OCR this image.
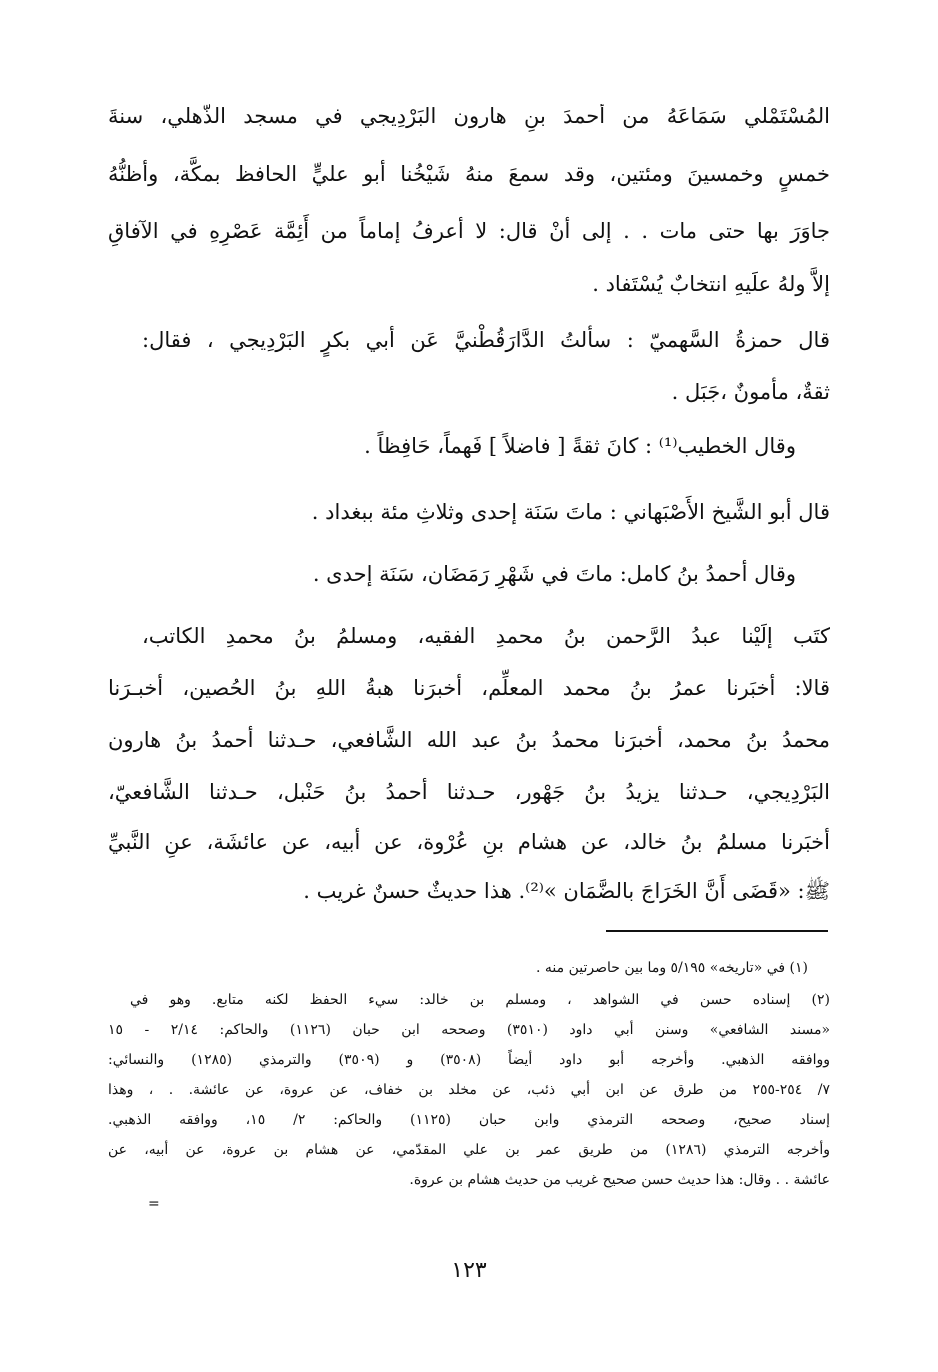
المُسْتَمْلي سَمَاعَهُ من أحمدَ بنِ هارون البَرْدِيجي في مسجد الذُّهلي، سنةَ
خمسٍ وخمسينَ ومئتين، وقد سمعَ منهُ شَيْخُنا أبو عليٍّ الحافظ بمكَّة، وأظنُّهُ
جاوَرَ بها حتى مات . . إلى أنْ قال: لا أعرفُ إماماً من أَئِمَّة عَصْرِهِ في الآفاقِ
إلاَّ ولهُ علَيهِ انتخابٌ يُسْتَفاد .
قال حمزةُ السَّهميّ : سألتُ الدَّارَقُطْنيَّ عَن أبي بكرٍ البَرْدِيجي ، فقال:
ثقةٌ، مأمونٌ ،جَبَل .
وقال الخطيب⁽¹⁾ : كانَ ثقةً [ فاضلاً ] فَهماً، حَافِظاً .
قال أبو الشَّيخ الأَصْبَهاني : ماتَ سَنَة إحدى وثلاثِ مئة ببغداد .
وقال أحمدُ بنُ كامل: ماتَ في شَهْرِ رَمَضَان، سَنَة إحدى .
كتَب إلَيْنا عبدُ الرَّحمن بنُ محمدِ الفقيه، ومسلمُ بنُ محمدِ الكاتب،
قالا: أخبَرنا عمرُ بنُ محمد المعلِّم، أخبرَنا هبةُ اللهِ بنُ الحُصين، أخبـرَنا
محمدُ بنُ محمد، أخبرَنا محمدُ بنُ عبد الله الشَّافعي، حـدثنا أحمدُ بنُ هارون
البَرْدِيجي، حـدثنا يزيدُ بنُ جَهْور، حـدثنا أحمدُ بنُ حَنْبل، حـدثنا الشَّافعيّ،
أخبَرنا مسلمُ بنُ خالد، عن هشام بنِ عُرْوة، عن أبيه، عن عائشَة، عنِ النَّبيِّ
ﷺ: «قَضَى أَنَّ الخَرَاجَ بالضَّمَان »⁽²⁾. هذا حديثٌ حسنٌ غريب .
(١) في «تاريخه» ٥/١٩٥ وما بين حاصرتين منه .
(٢) إسناده حسن في الشواهد ، ومسلم بن خالد: سيء الحفظ لكنه متابع. وهو في
«مسند الشافعي» وسنن أبي داود (٣٥١٠) وصححه ابن حبان (١١٢٦) والحاكم: ٢/١٤ - ١٥
ووافقه الذهبي. وأخرجه أبو داود أيضاً (٣٥٠٨) و (٣٥٠٩) والترمذي (١٢٨٥) والنسائي:
٧/ ٢٥٤-٢٥٥ من طرق عن ابن أبي ذئب، عن مخلد بن خفاف، عن عروة، عن عائشة. . ، وهذا
إسناد صحيح، وصححه الترمذي وابن حبان (١١٢٥) والحاكم: ٢/ ١٥، ووافقه الذهبي.
وأخرجه الترمذي (١٢٨٦) من طريق عمر بن علي المقدّمي، عن هشام بن عروة، عن أبيه، عن
عائشة . . وقال: هذا حديث حسن صحيح غريب من حديث هشام بن عروة.
=
١٢٣
